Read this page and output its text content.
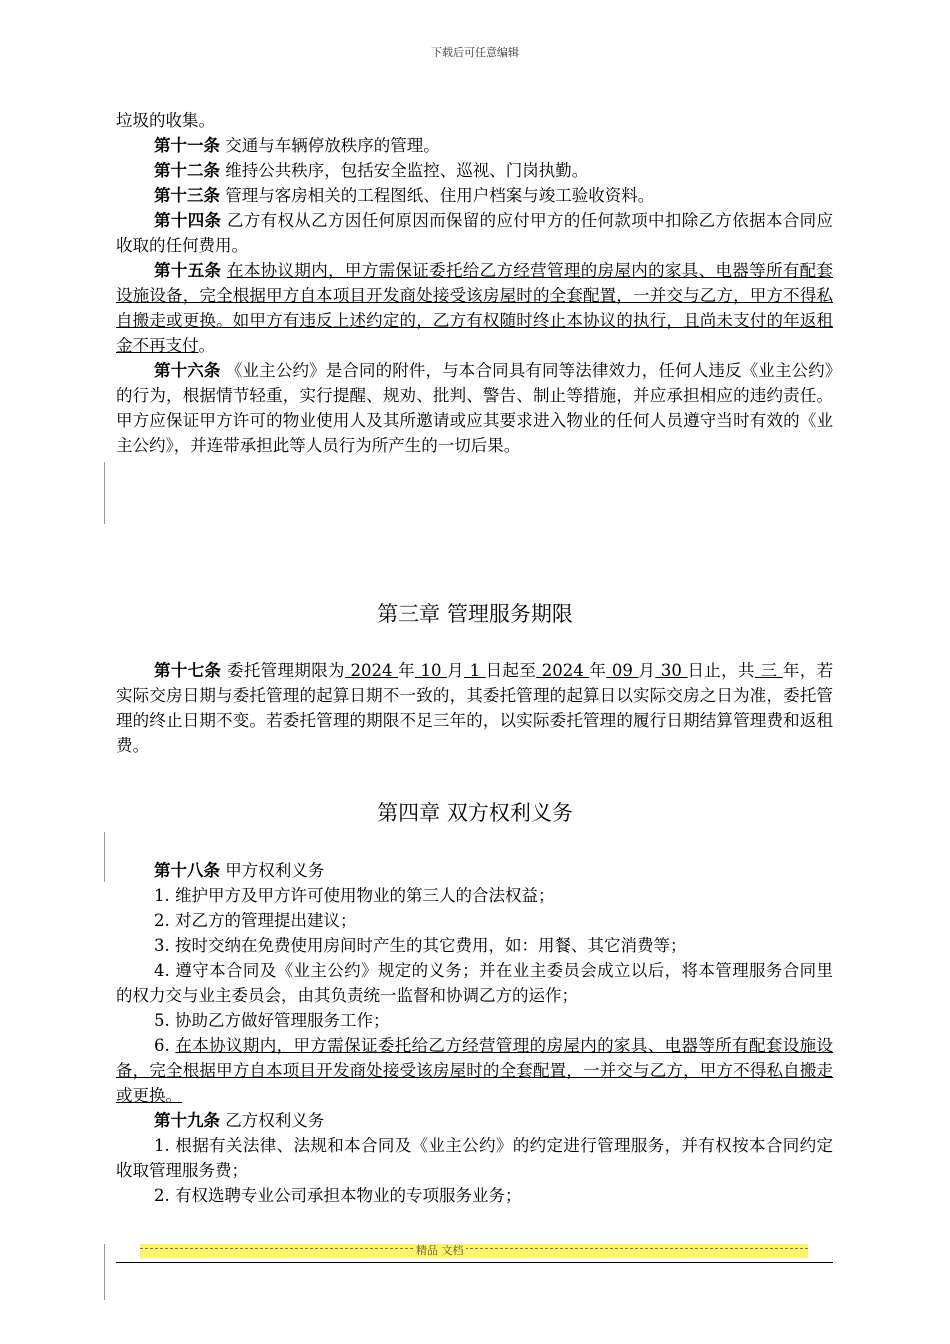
下载后可任意编辑

垃圾的收集。

第十一条 交通与车辆停放秩序的管理。

第十二条 维持公共秩序，包括安全监控、巡视、门岗执勤。

第十三条 管理与客房相关的工程图纸、住用户档案与竣工验收资料。

第十四条 乙方有权从乙方因任何原因而保留的应付甲方的任何款项中扣除乙方依据本合同应收取的任何费用。

第十五条 在本协议期内，甲方需保证委托给乙方经营管理的房屋内的家具、电器等所有配套设施设备，完全根据甲方自本项目开发商处接受该房屋时的全套配置，一并交与乙方，甲方不得私自搬走或更换。如甲方有违反上述约定的，乙方有权随时终止本协议的执行，且尚未支付的年返租金不再支付。

第十六条 《业主公约》是合同的附件，与本合同具有同等法律效力，任何人违反《业主公约》的行为，根据情节轻重，实行提醒、规劝、批判、警告、制止等措施，并应承担相应的违约责任。甲方应保证甲方许可的物业使用人及其所邀请或应其要求进入物业的任何人员遵守当时有效的《业主公约》，并连带承担此等人员行为所产生的一切后果。

第三章 管理服务期限

第十七条 委托管理期限为 2024 年 10 月 1 日起至 2024 年 09 月 30 日止，共 三 年，若实际交房日期与委托管理的起算日期不一致的，其委托管理的起算日以实际交房之日为准，委托管理的终止日期不变。若委托管理的期限不足三年的，以实际委托管理的履行日期结算管理费和返租费。

第四章 双方权利义务

第十八条 甲方权利义务

1. 维护甲方及甲方许可使用物业的第三人的合法权益；

2. 对乙方的管理提出建议；

3. 按时交纳在免费使用房间时产生的其它费用，如：用餐、其它消费等；

4. 遵守本合同及《业主公约》规定的义务；并在业主委员会成立以后，将本管理服务合同里的权力交与业主委员会，由其负责统一监督和协调乙方的运作；

5. 协助乙方做好管理服务工作；

6. 在本协议期内，甲方需保证委托给乙方经营管理的房屋内的家具、电器等所有配套设施设备，完全根据甲方自本项目开发商处接受该房屋时的全套配置，一并交与乙方，甲方不得私自搬走或更换。

第十九条 乙方权利义务

1. 根据有关法律、法规和本合同及《业主公约》的约定进行管理服务，并有权按本合同约定收取管理服务费；

2. 有权选聘专业公司承担本物业的专项服务业务；

精品 文档
